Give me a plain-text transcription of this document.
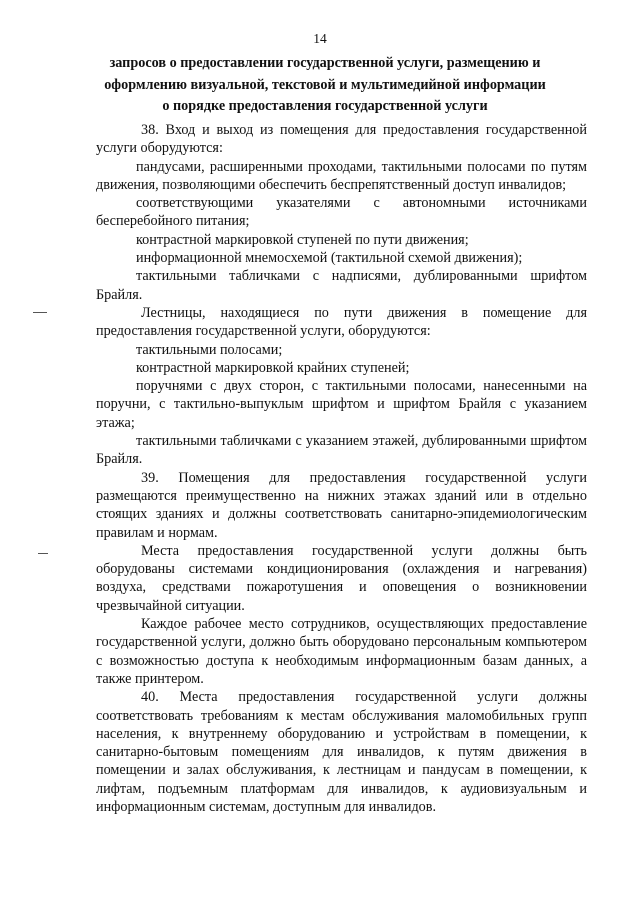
14
запросов о предоставлении государственной услуги, размещению и
оформлению визуальной, текстовой и мультимедийной информации
о порядке предоставления государственной услуги

38. Вход и выход из помещения для предоставления государственной услуги оборудуются:

пандусами, расширенными проходами, тактильными полосами по путям движения, позволяющими обеспечить беспрепятственный доступ инвалидов;

соответствующими указателями с автономными источниками бесперебойного питания;

контрастной маркировкой ступеней по пути движения;

информационной мнемосхемой (тактильной схемой движения);

тактильными табличками с надписями, дублированными шрифтом Брайля.

Лестницы, находящиеся по пути движения в помещение для предоставления государственной услуги, оборудуются:

тактильными полосами;

контрастной маркировкой крайних ступеней;

поручнями с двух сторон, с тактильными полосами, нанесенными на поручни, с тактильно-выпуклым шрифтом и шрифтом Брайля с указанием этажа;

тактильными табличками с указанием этажей, дублированными шрифтом Брайля.

39. Помещения для предоставления государственной услуги размещаются преимущественно на нижних этажах зданий или в отдельно стоящих зданиях и должны соответствовать санитарно-эпидемиологическим правилам и нормам.

Места предоставления государственной услуги должны быть оборудованы системами кондиционирования (охлаждения и нагревания) воздуха, средствами пожаротушения и оповещения о возникновении чрезвычайной ситуации.

Каждое рабочее место сотрудников, осуществляющих предоставление государственной услуги, должно быть оборудовано персональным компьютером с возможностью доступа к необходимым информационным базам данных, а также принтером.

40. Места предоставления государственной услуги должны соответствовать требованиям к местам обслуживания маломобильных групп населения, к внутреннему оборудованию и устройствам в помещении, к санитарно-бытовым помещениям для инвалидов, к путям движения в помещении и залах обслуживания, к лестницам и пандусам в помещении, к лифтам, подъемным платформам для инвалидов, к аудиовизуальным и информационным системам, доступным для инвалидов.
